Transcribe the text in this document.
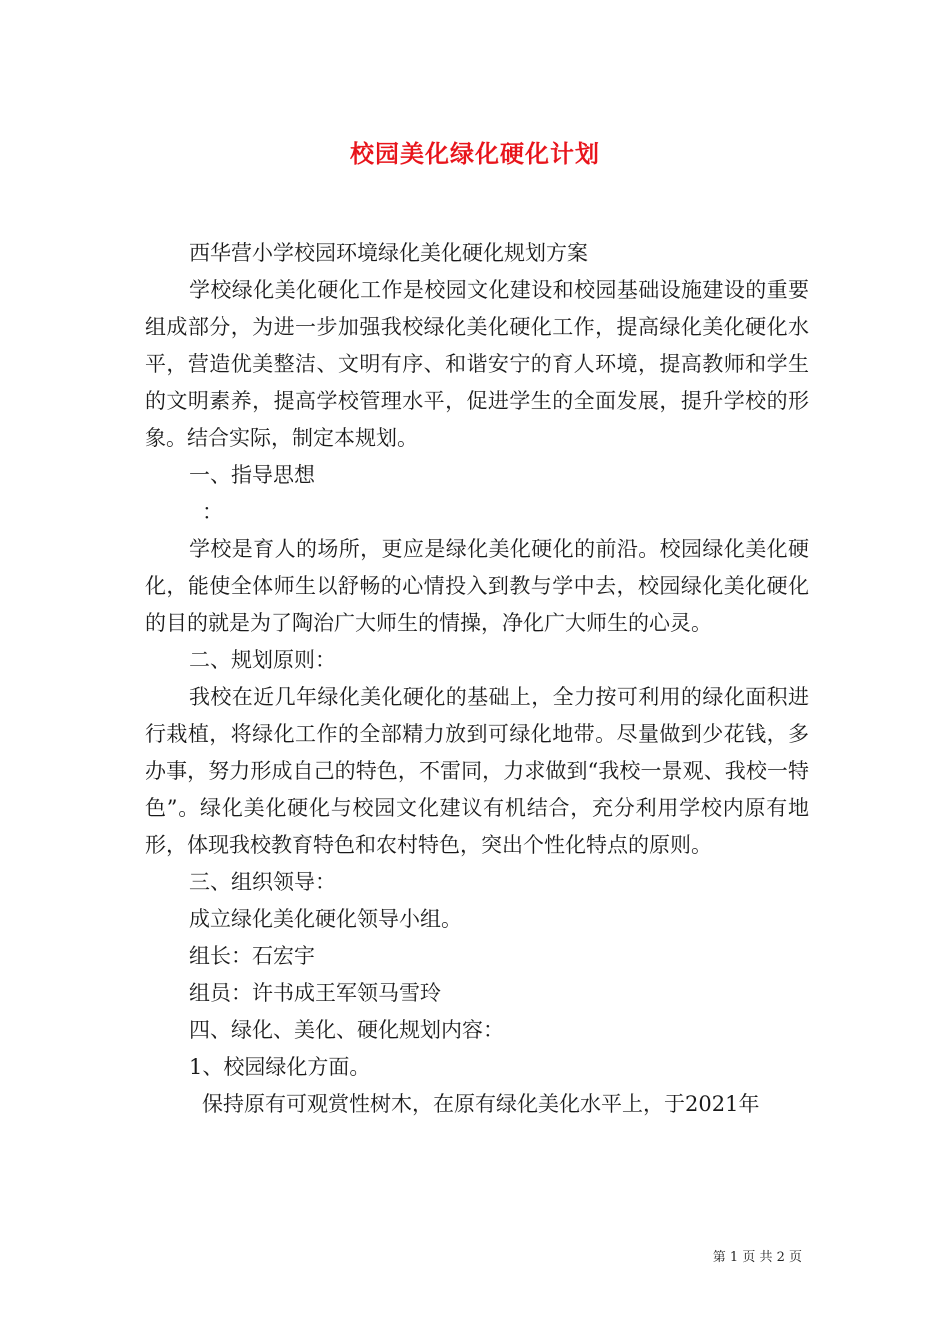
校园美化绿化硬化计划

西华营小学校园环境绿化美化硬化规划方案

学校绿化美化硬化工作是校园文化建设和校园基础设施建设的重要组成部分，为进一步加强我校绿化美化硬化工作，提高绿化美化硬化水平，营造优美整洁、文明有序、和谐安宁的育人环境，提高教师和学生的文明素养，提高学校管理水平，促进学生的全面发展，提升学校的形象。结合实际，制定本规划。

一、指导思想

：

学校是育人的场所，更应是绿化美化硬化的前沿。校园绿化美化硬化，能使全体师生以舒畅的心情投入到教与学中去，校园绿化美化硬化的目的就是为了陶治广大师生的情操，净化广大师生的心灵。

二、规划原则：

我校在近几年绿化美化硬化的基础上，全力按可利用的绿化面积进行栽植，将绿化工作的全部精力放到可绿化地带。尽量做到少花钱，多办事，努力形成自己的特色，不雷同，力求做到“我校一景观、我校一特色”。绿化美化硬化与校园文化建议有机结合，充分利用学校内原有地形，体现我校教育特色和农村特色，突出个性化特点的原则。

三、组织领导：

成立绿化美化硬化领导小组。

组长：石宏宇

组员：许书成王军领马雪玲

四、绿化、美化、硬化规划内容：

1、校园绿化方面。

保持原有可观赏性树木，在原有绿化美化水平上，于2021年

第 1 页 共 2 页
